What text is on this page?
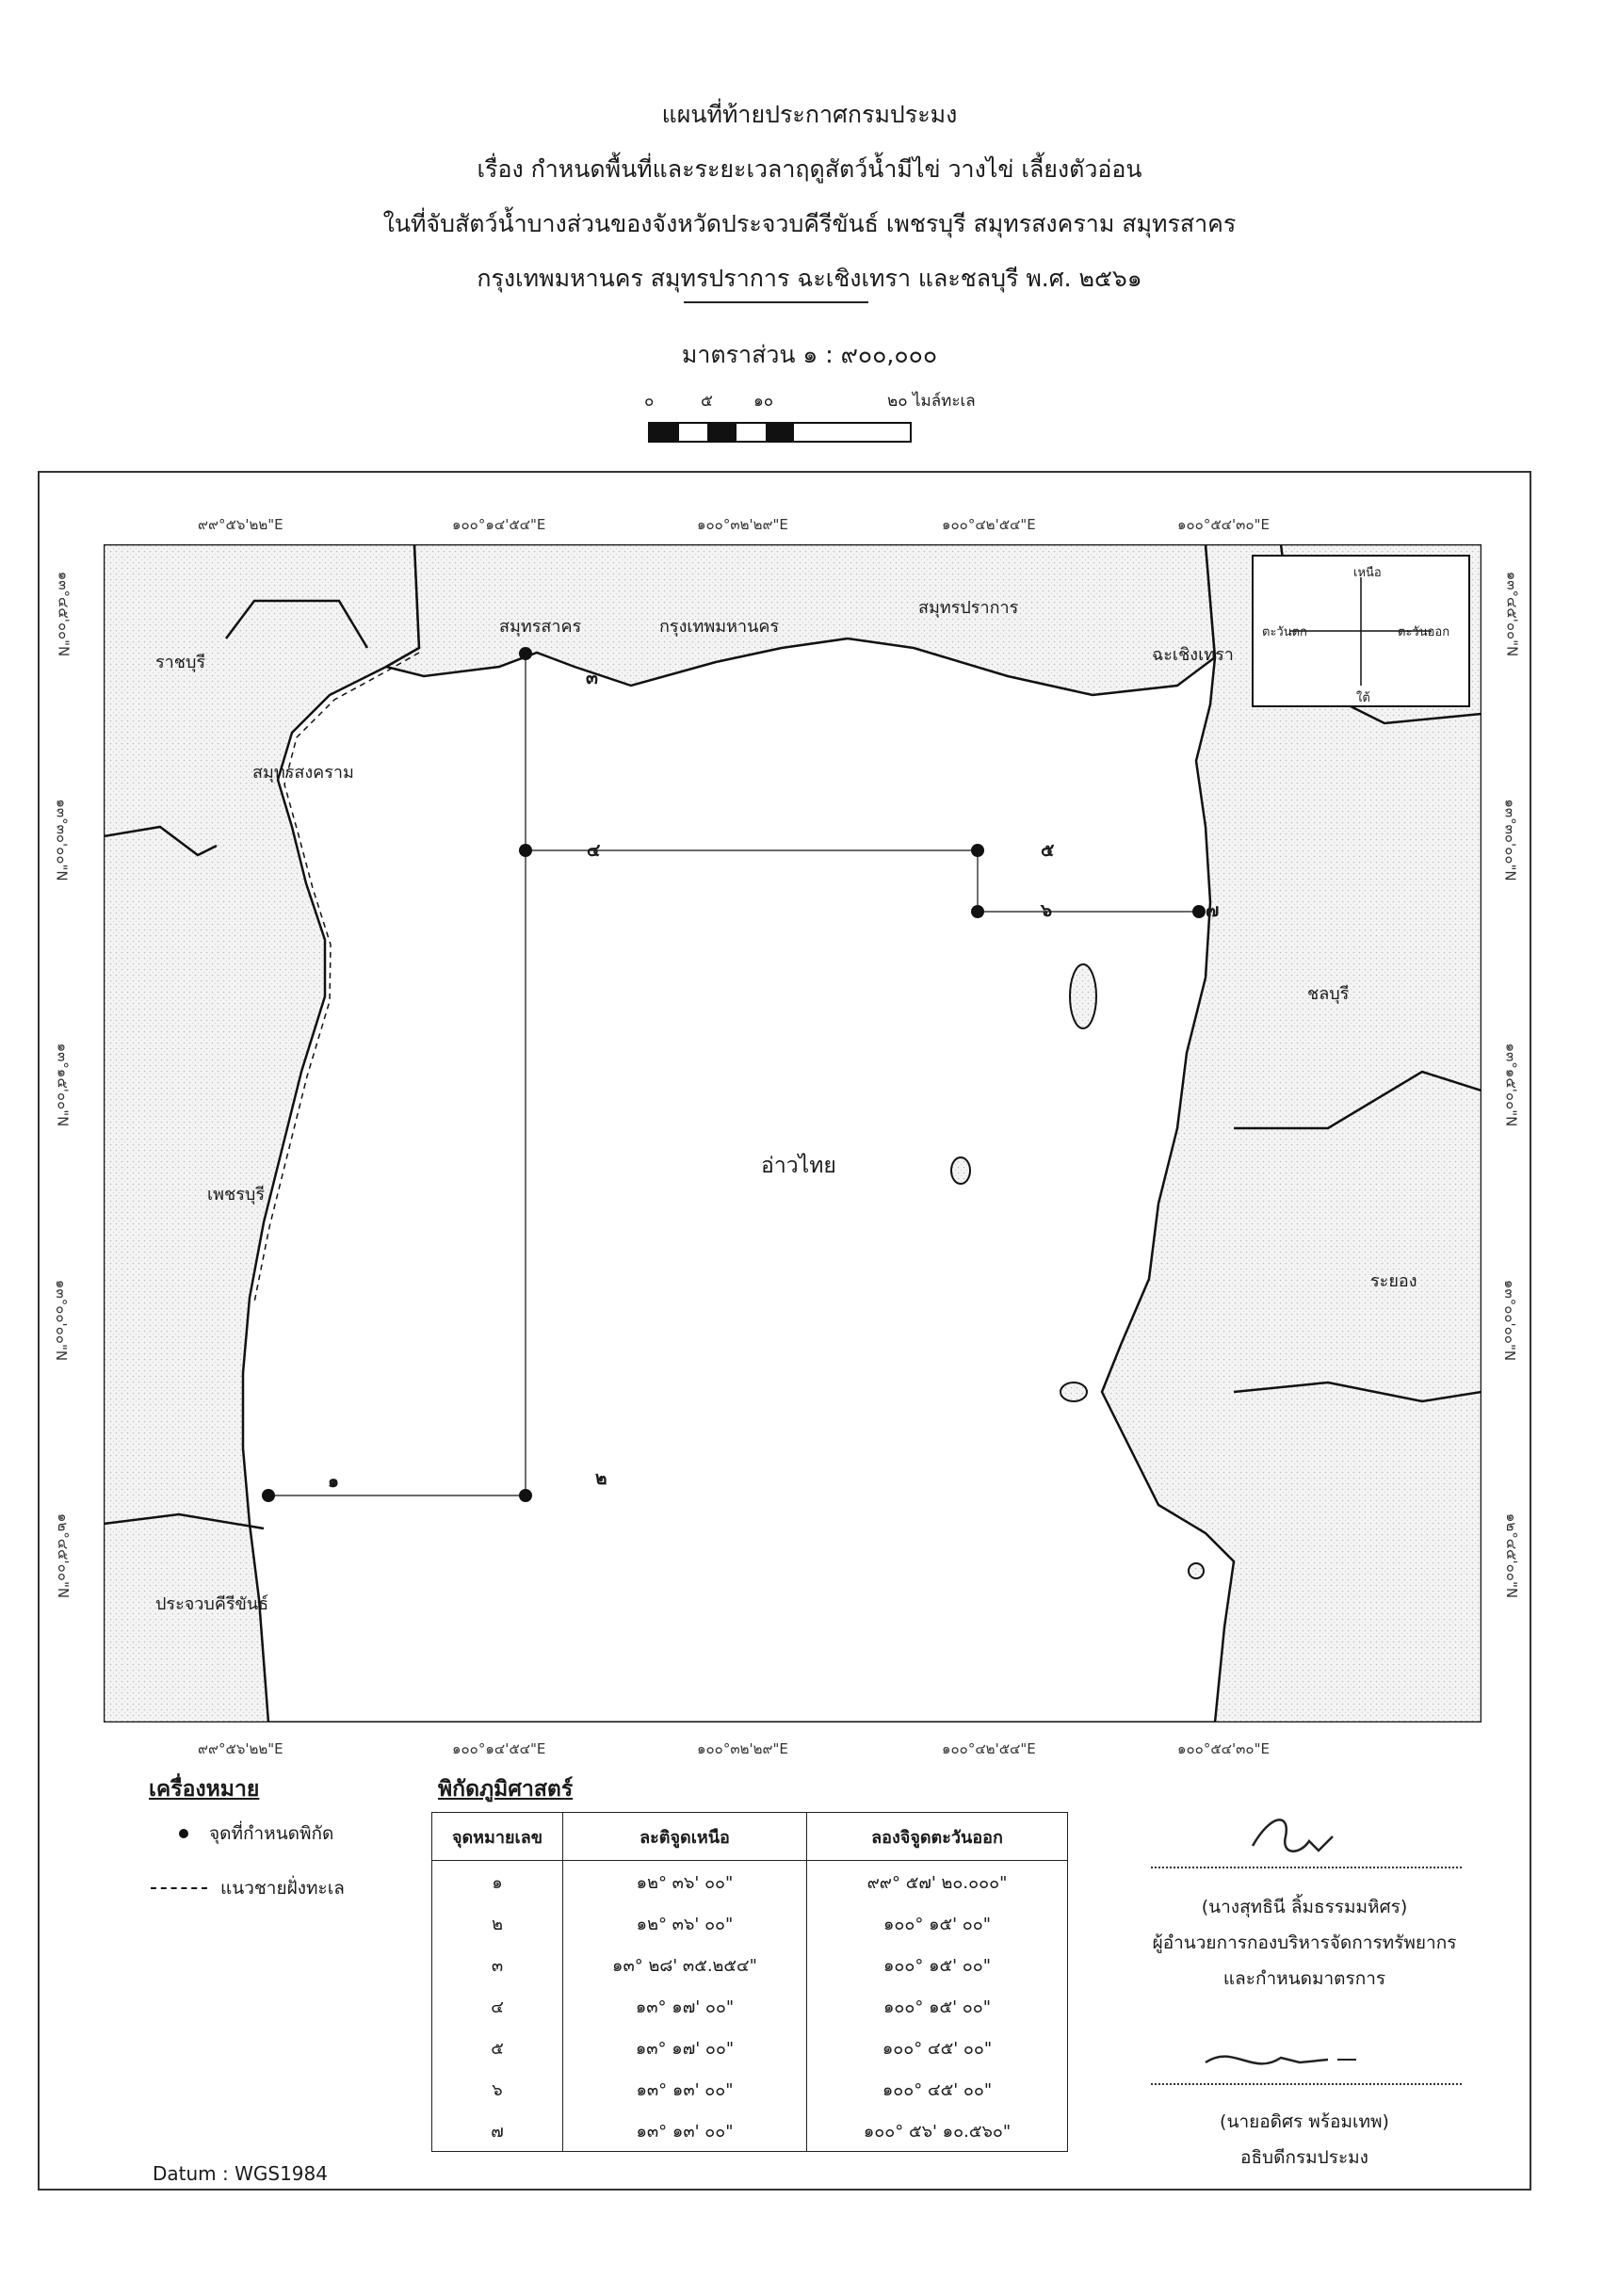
แผนที่ท้ายประกาศกรมประมง
เรื่อง กำหนดพื้นที่และระยะเวลาฤดูสัตว์น้ำมีไข่ วางไข่ เลี้ยงตัวอ่อน
ในที่จับสัตว์น้ำบางส่วนของจังหวัดประจวบคีรีขันธ์ เพชรบุรี สมุทรสงคราม สมุทรสาคร
กรุงเทพมหานคร สมุทรปราการ ฉะเชิงเทรา และชลบุรี พ.ศ. ๒๕๖๑
มาตราส่วน ๑ : ๙๐๐,๐๐๐
๐	๕	๑๐	๒๐ ไมล์ทะเล
เหนือ
ตะวันตก	ตะวันออก
ใต้
๙๙°๕๖'๒๒"E	๑๐๐°๑๔'๕๔"E	๑๐๐°๓๒'๒๙"E	๑๐๐°๔๒'๕๔"E	๑๐๐°๕๔'๓๐"E
๙๙°๕๖'๒๒"E	๑๐๐°๑๔'๕๔"E	๑๐๐°๓๒'๒๙"E	๑๐๐°๔๒'๕๔"E	๑๐๐°๕๔'๓๐"E
๑๓°๔๕'๐๐"N
๑๓°๓๐'๐๐"N
๑๓°๑๕'๐๐"N
๑๓°๐๐'๐๐"N
๑๒°๔๕'๐๐"N
๑๓°๔๕'๐๐"N
๑๓°๓๐'๐๐"N
๑๓°๑๕'๐๐"N
๑๓°๐๐'๐๐"N
๑๒°๔๕'๐๐"N
ราชบุรี
สมุทรสาคร	กรุงเทพมหานคร
สมุทรปราการ
ฉะเชิงเทรา
สมุทรสงคราม
ชลบุรี
เพชรบุรี
อ่าวไทย
ระยอง
ประจวบคีรีขันธ์
๑	๒
๓
๔	๕
๖	๗
เครื่องหมาย
จุดที่กำหนดพิกัด
แนวชายฝั่งทะเล
พิกัดภูมิศาสตร์
จุดหมายเลข	ละติจูดเหนือ	ลองจิจูดตะวันออก
๑	๑๒° ๓๖' ๐๐"	๙๙° ๕๗' ๒๐.๐๐๐"
๒	๑๒° ๓๖' ๐๐"	๑๐๐° ๑๕' ๐๐"
๓	๑๓° ๒๘' ๓๕.๒๕๔"	๑๐๐° ๑๕' ๐๐"
๔	๑๓° ๑๗' ๐๐"	๑๐๐° ๑๕' ๐๐"
๕	๑๓° ๑๗' ๐๐"	๑๐๐° ๔๕' ๐๐"
๖	๑๓° ๑๓' ๐๐"	๑๐๐° ๔๕' ๐๐"
๗	๑๓° ๑๓' ๐๐"	๑๐๐° ๕๖' ๑๐.๕๖๐"
Datum : WGS1984
(นางสุทธินี ลิ้มธรรมมหิศร)
ผู้อำนวยการกองบริหารจัดการทรัพยากร
และกำหนดมาตรการ
(นายอดิศร พร้อมเทพ)
อธิบดีกรมประมง
